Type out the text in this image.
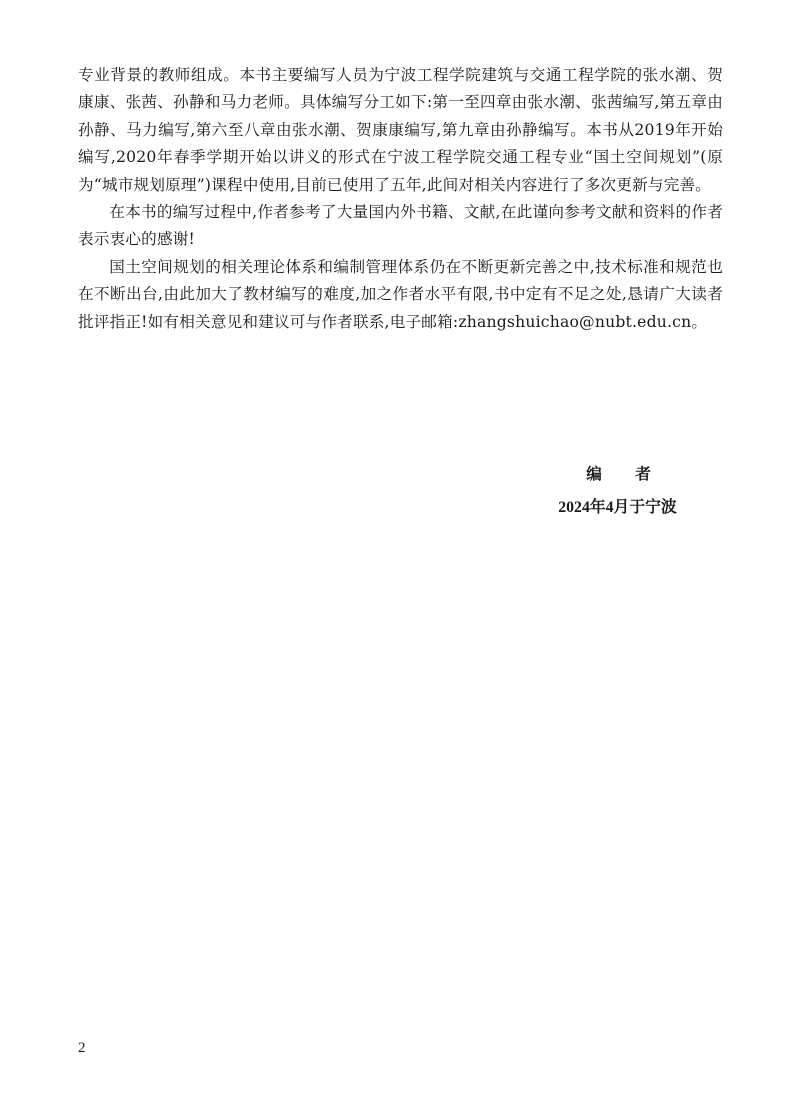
专业背景的教师组成。本书主要编写人员为宁波工程学院建筑与交通工程学院的张水潮、贺康康、张茜、孙静和马力老师。具体编写分工如下:第一至四章由张水潮、张茜编写,第五章由孙静、马力编写,第六至八章由张水潮、贺康康编写,第九章由孙静编写。本书从2019年开始编写,2020年春季学期开始以讲义的形式在宁波工程学院交通工程专业“国土空间规划”(原为“城市规划原理”)课程中使用,目前已使用了五年,此间对相关内容进行了多次更新与完善。

在本书的编写过程中,作者参考了大量国内外书籍、文献,在此谨向参考文献和资料的作者表示衷心的感谢!

国土空间规划的相关理论体系和编制管理体系仍在不断更新完善之中,技术标准和规范也在不断出台,由此加大了教材编写的难度,加之作者水平有限,书中定有不足之处,恳请广大读者批评指正!如有相关意见和建议可与作者联系,电子邮箱:zhangshuichao@nubt.edu.cn。

编 者
2024年4月于宁波
2
